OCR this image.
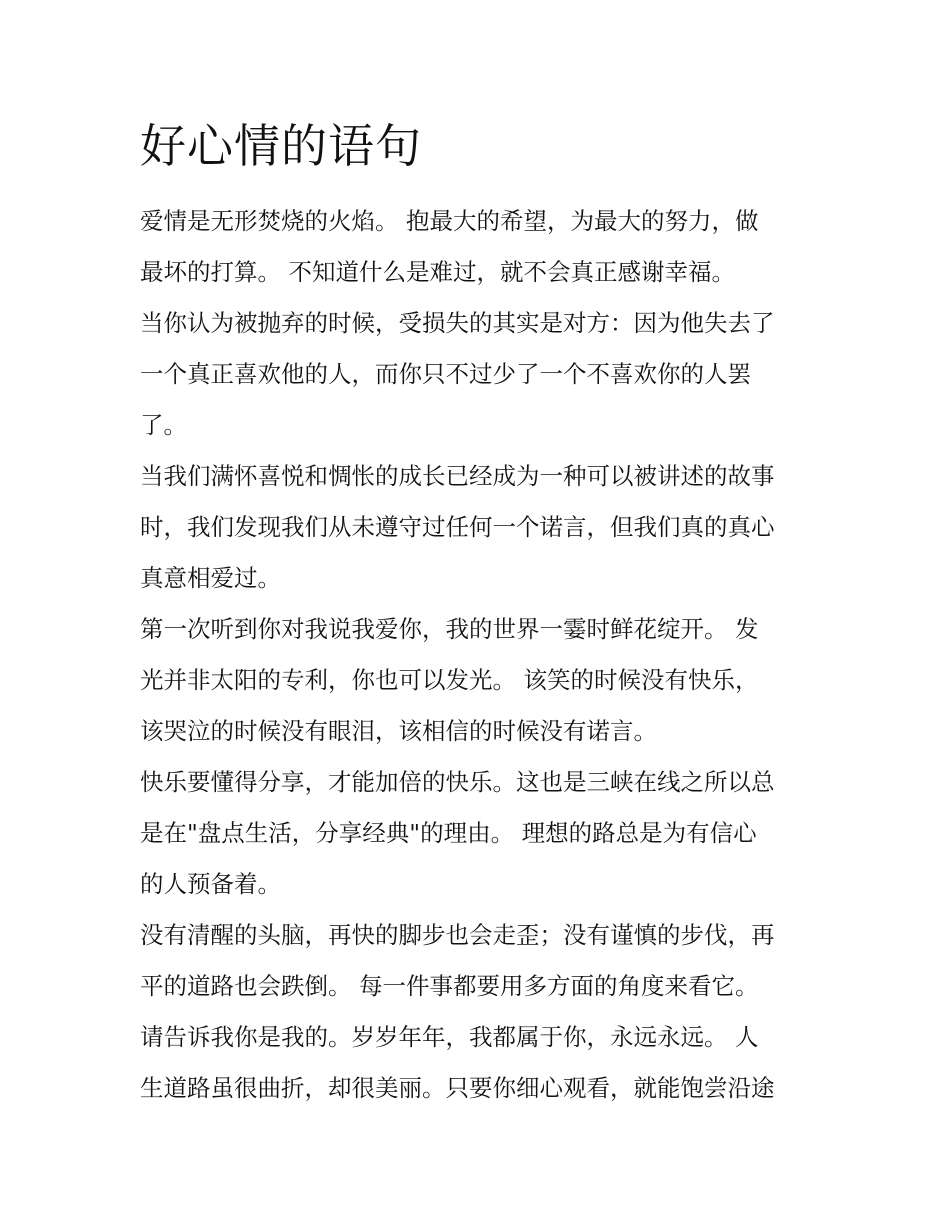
好心情的语句

爱情是无形焚烧的火焰。 抱最大的希望，为最大的努力，做

最坏的打算。 不知道什么是难过，就不会真正感谢幸福。

当你认为被抛弃的时候，受损失的其实是对方：因为他失去了

一个真正喜欢他的人，而你只不过少了一个不喜欢你的人罢

了。

当我们满怀喜悦和惆怅的成长已经成为一种可以被讲述的故事

时，我们发现我们从未遵守过任何一个诺言，但我们真的真心

真意相爱过。

第一次听到你对我说我爱你，我的世界一霎时鲜花绽开。 发

光并非太阳的专利，你也可以发光。 该笑的时候没有快乐，

该哭泣的时候没有眼泪，该相信的时候没有诺言。

快乐要懂得分享，才能加倍的快乐。这也是三峡在线之所以总

是在"盘点生活，分享经典"的理由。 理想的路总是为有信心

的人预备着。

没有清醒的头脑，再快的脚步也会走歪；没有谨慎的步伐，再

平的道路也会跌倒。 每一件事都要用多方面的角度来看它。

请告诉我你是我的。岁岁年年，我都属于你，永远永远。 人

生道路虽很曲折，却很美丽。只要你细心观看，就能饱尝沿途
